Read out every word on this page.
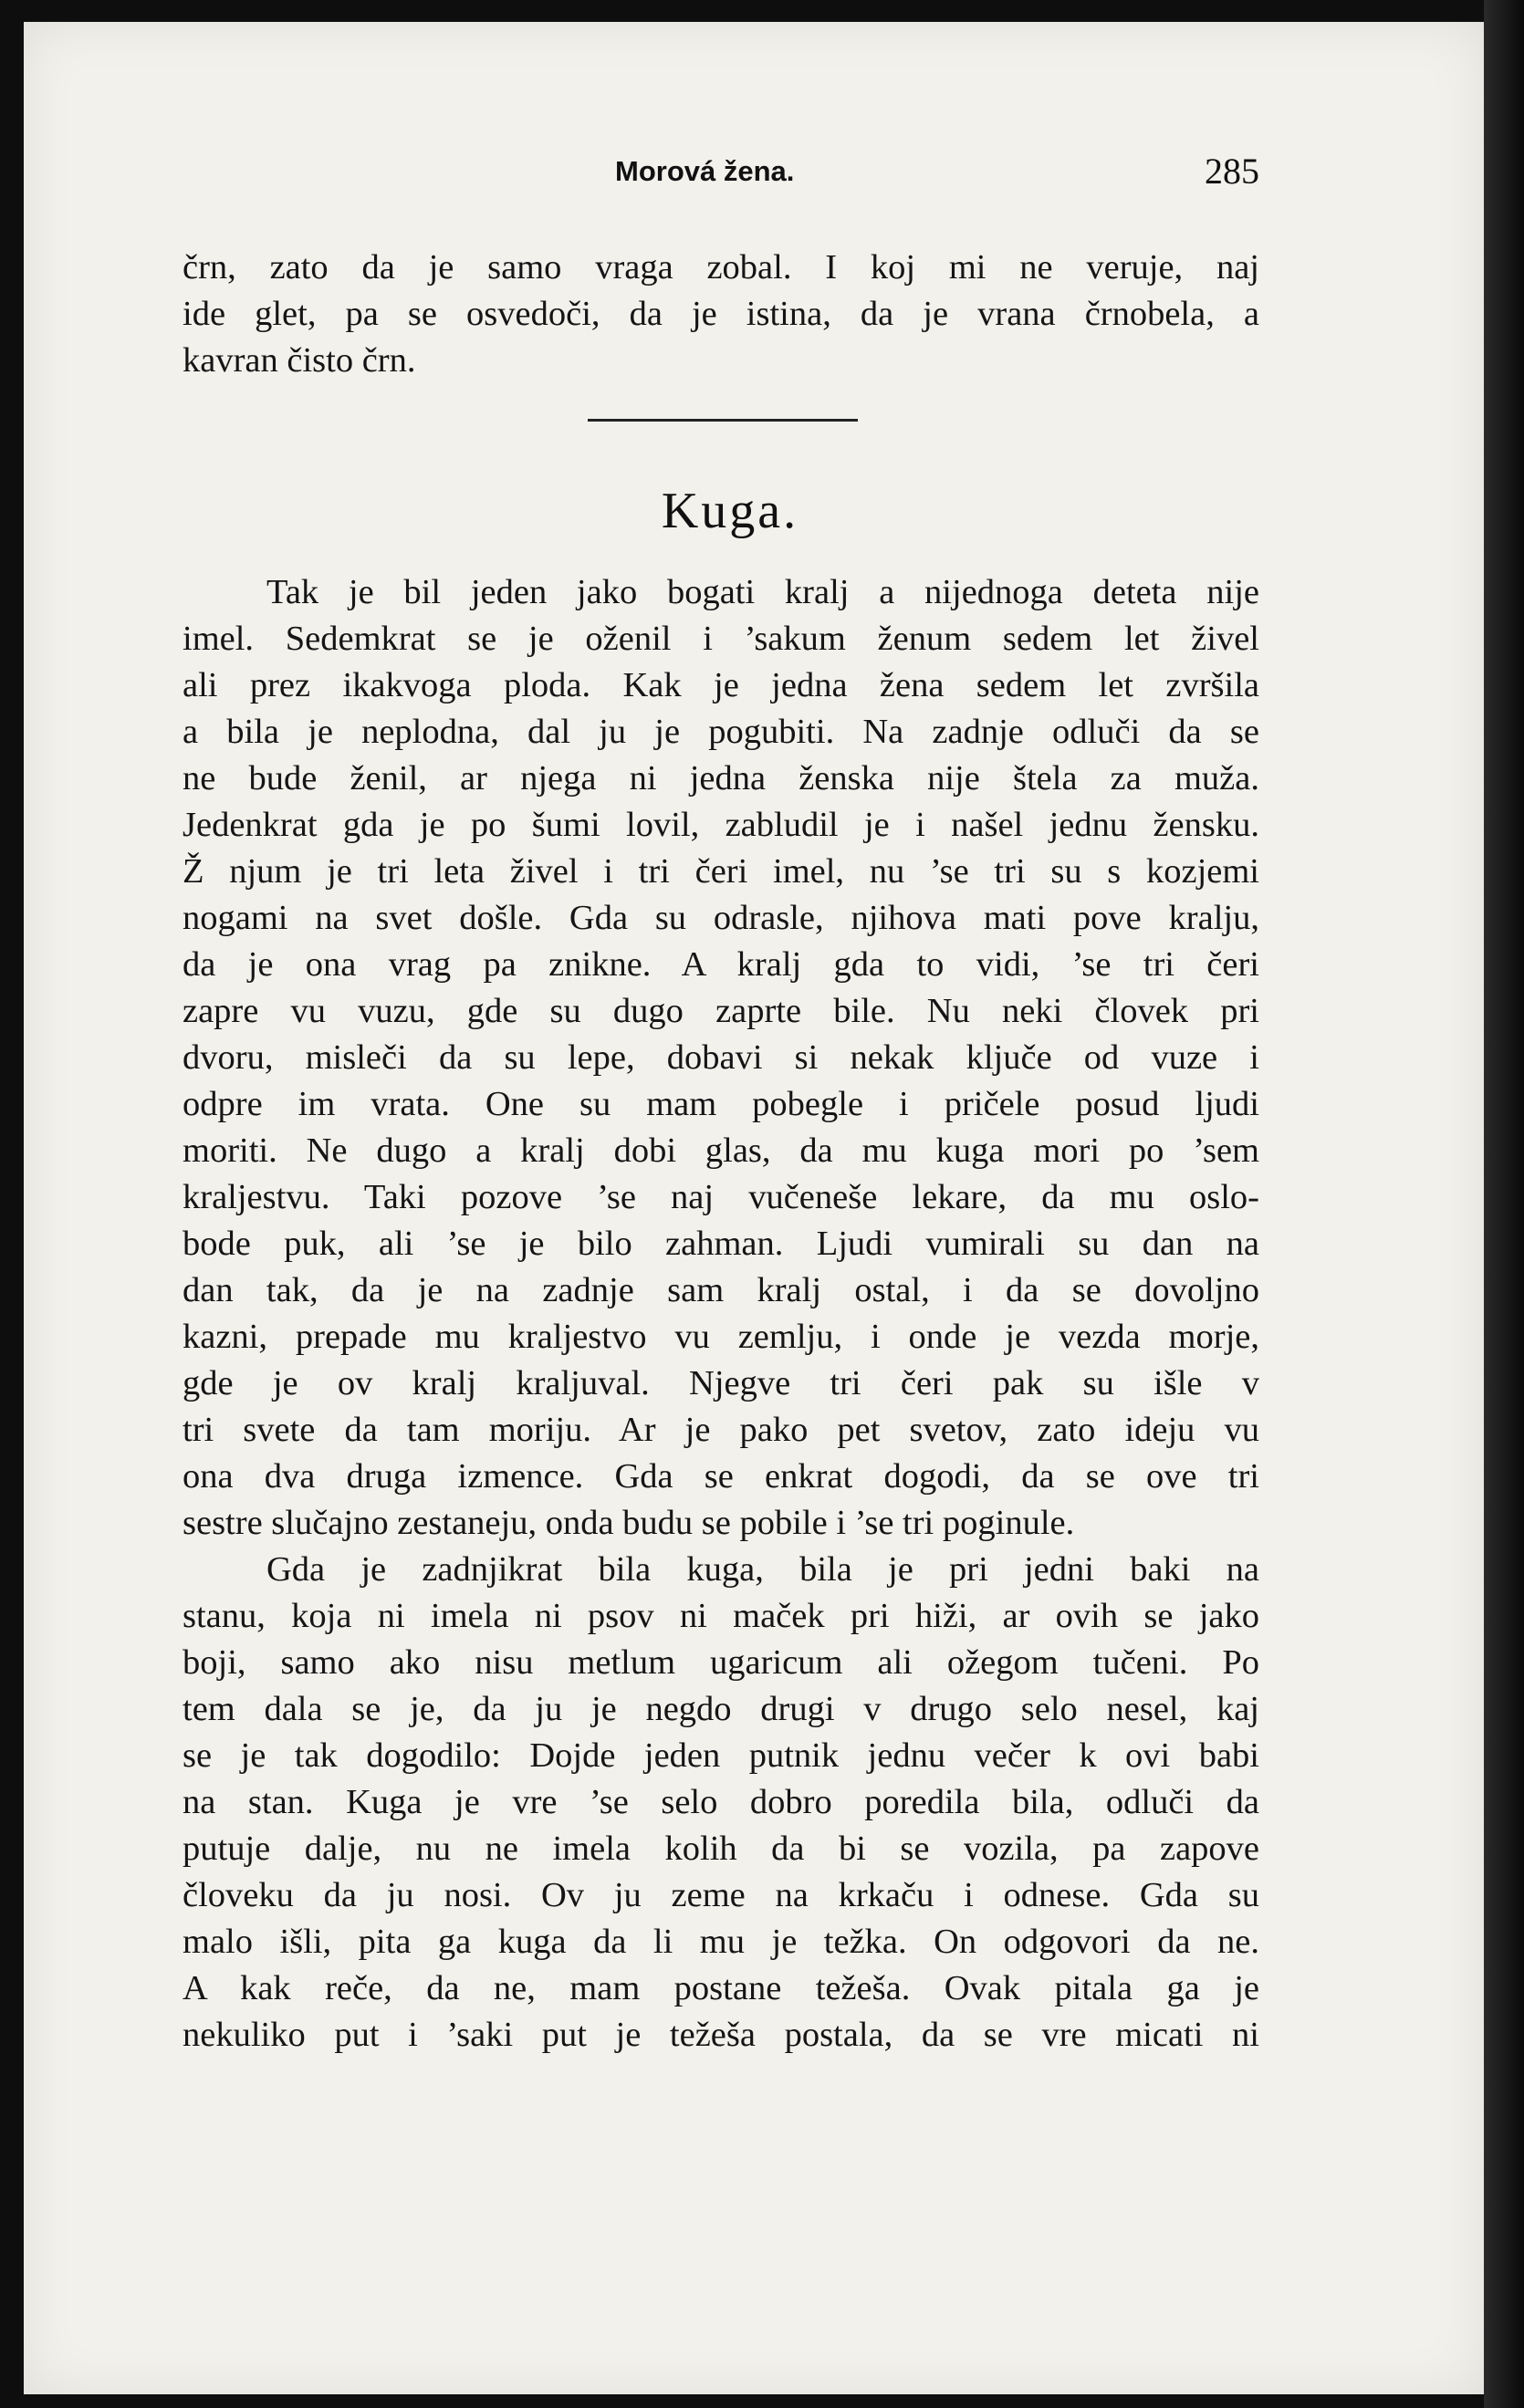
Morová žena.	285
črn, zato da je samo vraga zobal. I koj mi ne veruje, naj
ide glet, pa se osvedoči, da je istina, da je vrana črnobela, a
kavran čisto črn.
Kuga.
Tak je bil jeden jako bogati kralj a nijednoga deteta nije
imel. Sedemkrat se je oženil i ’sakum ženum sedem let živel
ali prez ikakvoga ploda. Kak je jedna žena sedem let zvršila
a bila je neplodna, dal ju je pogubiti. Na zadnje odluči da se
ne bude ženil, ar njega ni jedna ženska nije štela za muža.
Jedenkrat gda je po šumi lovil, zabludil je i našel jednu žensku.
Ž njum je tri leta živel i tri čeri imel, nu ’se tri su s kozjemi
nogami na svet došle. Gda su odrasle, njihova mati pove kralju,
da je ona vrag pa znikne. A kralj gda to vidi, ’se tri čeri
zapre vu vuzu, gde su dugo zaprte bile. Nu neki človek pri
dvoru, misleči da su lepe, dobavi si nekak ključe od vuze i
odpre im vrata. One su mam pobegle i pričele posud ljudi
moriti. Ne dugo a kralj dobi glas, da mu kuga mori po ’sem
kraljestvu. Taki pozove ’se naj vučeneše lekare, da mu oslo-
bode puk, ali ’se je bilo zahman. Ljudi vumirali su dan na
dan tak, da je na zadnje sam kralj ostal, i da se dovoljno
kazni, prepade mu kraljestvo vu zemlju, i onde je vezda morje,
gde je ov kralj kraljuval. Njegve tri čeri pak su išle v
tri svete da tam moriju. Ar je pako pet svetov, zato ideju vu
ona dva druga izmence. Gda se enkrat dogodi, da se ove tri
sestre slučajno zestaneju, onda budu se pobile i ’se tri poginule.
Gda je zadnjikrat bila kuga, bila je pri jedni baki na
stanu, koja ni imela ni psov ni maček pri hiži, ar ovih se jako
boji, samo ako nisu metlum ugaricum ali ožegom tučeni. Po
tem dala se je, da ju je negdo drugi v drugo selo nesel, kaj
se je tak dogodilo: Dojde jeden putnik jednu večer k ovi babi
na stan. Kuga je vre ’se selo dobro poredila bila, odluči da
putuje dalje, nu ne imela kolih da bi se vozila, pa zapove
človeku da ju nosi. Ov ju zeme na krkaču i odnese. Gda su
malo išli, pita ga kuga da li mu je težka. On odgovori da ne.
A kak reče, da ne, mam postane težeša. Ovak pitala ga je
nekuliko put i ’saki put je težeša postala, da se vre micati ni
